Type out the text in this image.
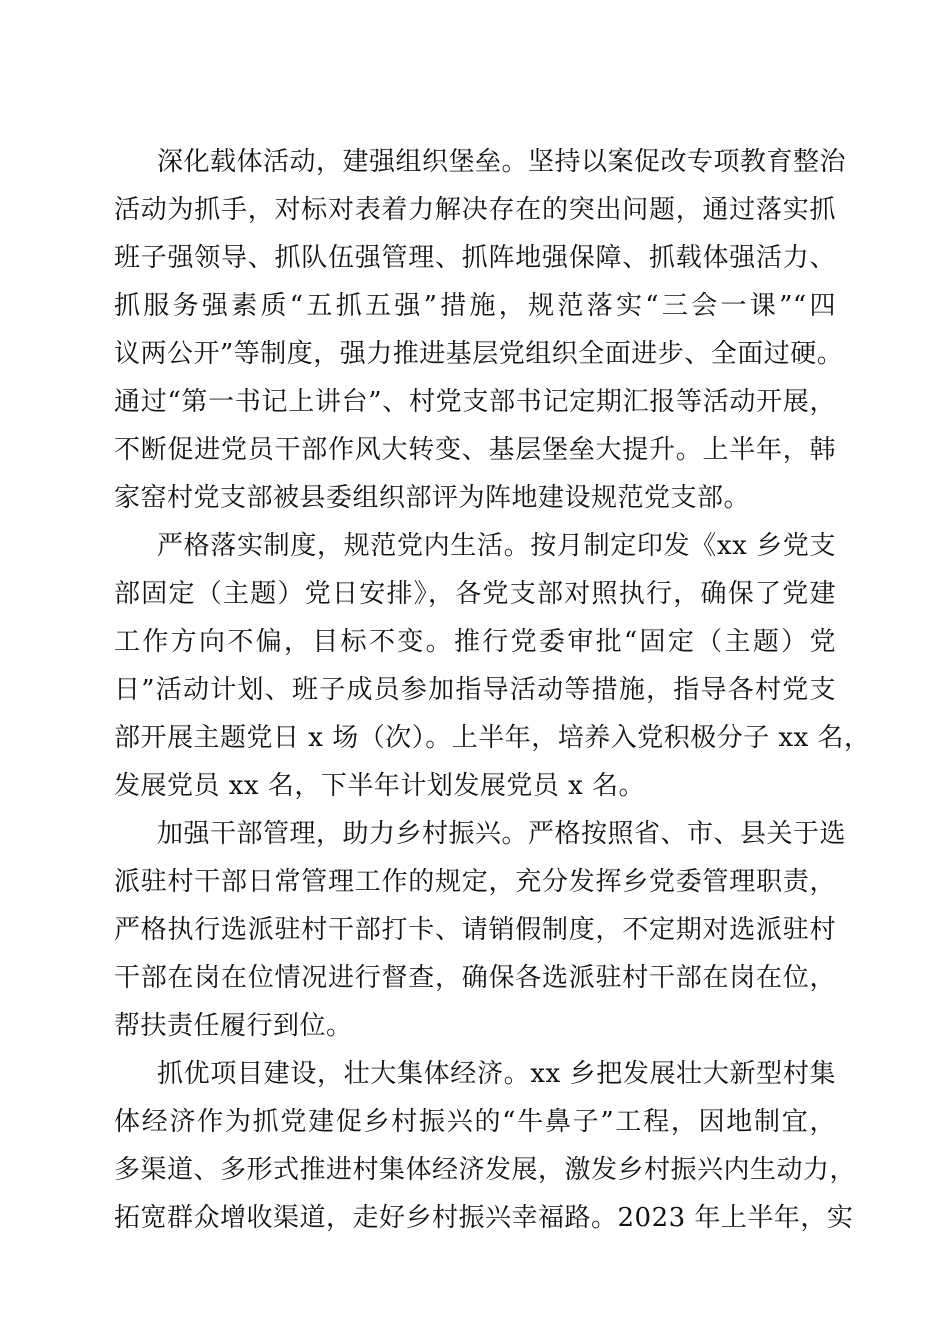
深化载体活动，建强组织堡垒。坚持以案促改专项教育整治
活动为抓手，对标对表着力解决存在的突出问题，通过落实抓
班子强领导、抓队伍强管理、抓阵地强保障、抓载体强活力、
抓服务强素质“五抓五强”措施，规范落实“三会一课”“四
议两公开”等制度，强力推进基层党组织全面进步、全面过硬。
通过“第一书记上讲台”、村党支部书记定期汇报等活动开展，
不断促进党员干部作风大转变、基层堡垒大提升。上半年，韩
家窑村党支部被县委组织部评为阵地建设规范党支部。
严格落实制度，规范党内生活。按月制定印发《xx 乡党支
部固定（主题）党日安排》，各党支部对照执行，确保了党建
工作方向不偏，目标不变。推行党委审批“固定（主题）党
日”活动计划、班子成员参加指导活动等措施，指导各村党支
部开展主题党日 x 场（次）。上半年，培养入党积极分子 xx 名，
发展党员 xx 名，下半年计划发展党员 x 名。
加强干部管理，助力乡村振兴。严格按照省、市、县关于选
派驻村干部日常管理工作的规定，充分发挥乡党委管理职责，
严格执行选派驻村干部打卡、请销假制度，不定期对选派驻村
干部在岗在位情况进行督查，确保各选派驻村干部在岗在位，
帮扶责任履行到位。
抓优项目建设，壮大集体经济。xx 乡把发展壮大新型村集
体经济作为抓党建促乡村振兴的“牛鼻子”工程，因地制宜，
多渠道、多形式推进村集体经济发展，激发乡村振兴内生动力，
拓宽群众增收渠道，走好乡村振兴幸福路。2023 年上半年，实
